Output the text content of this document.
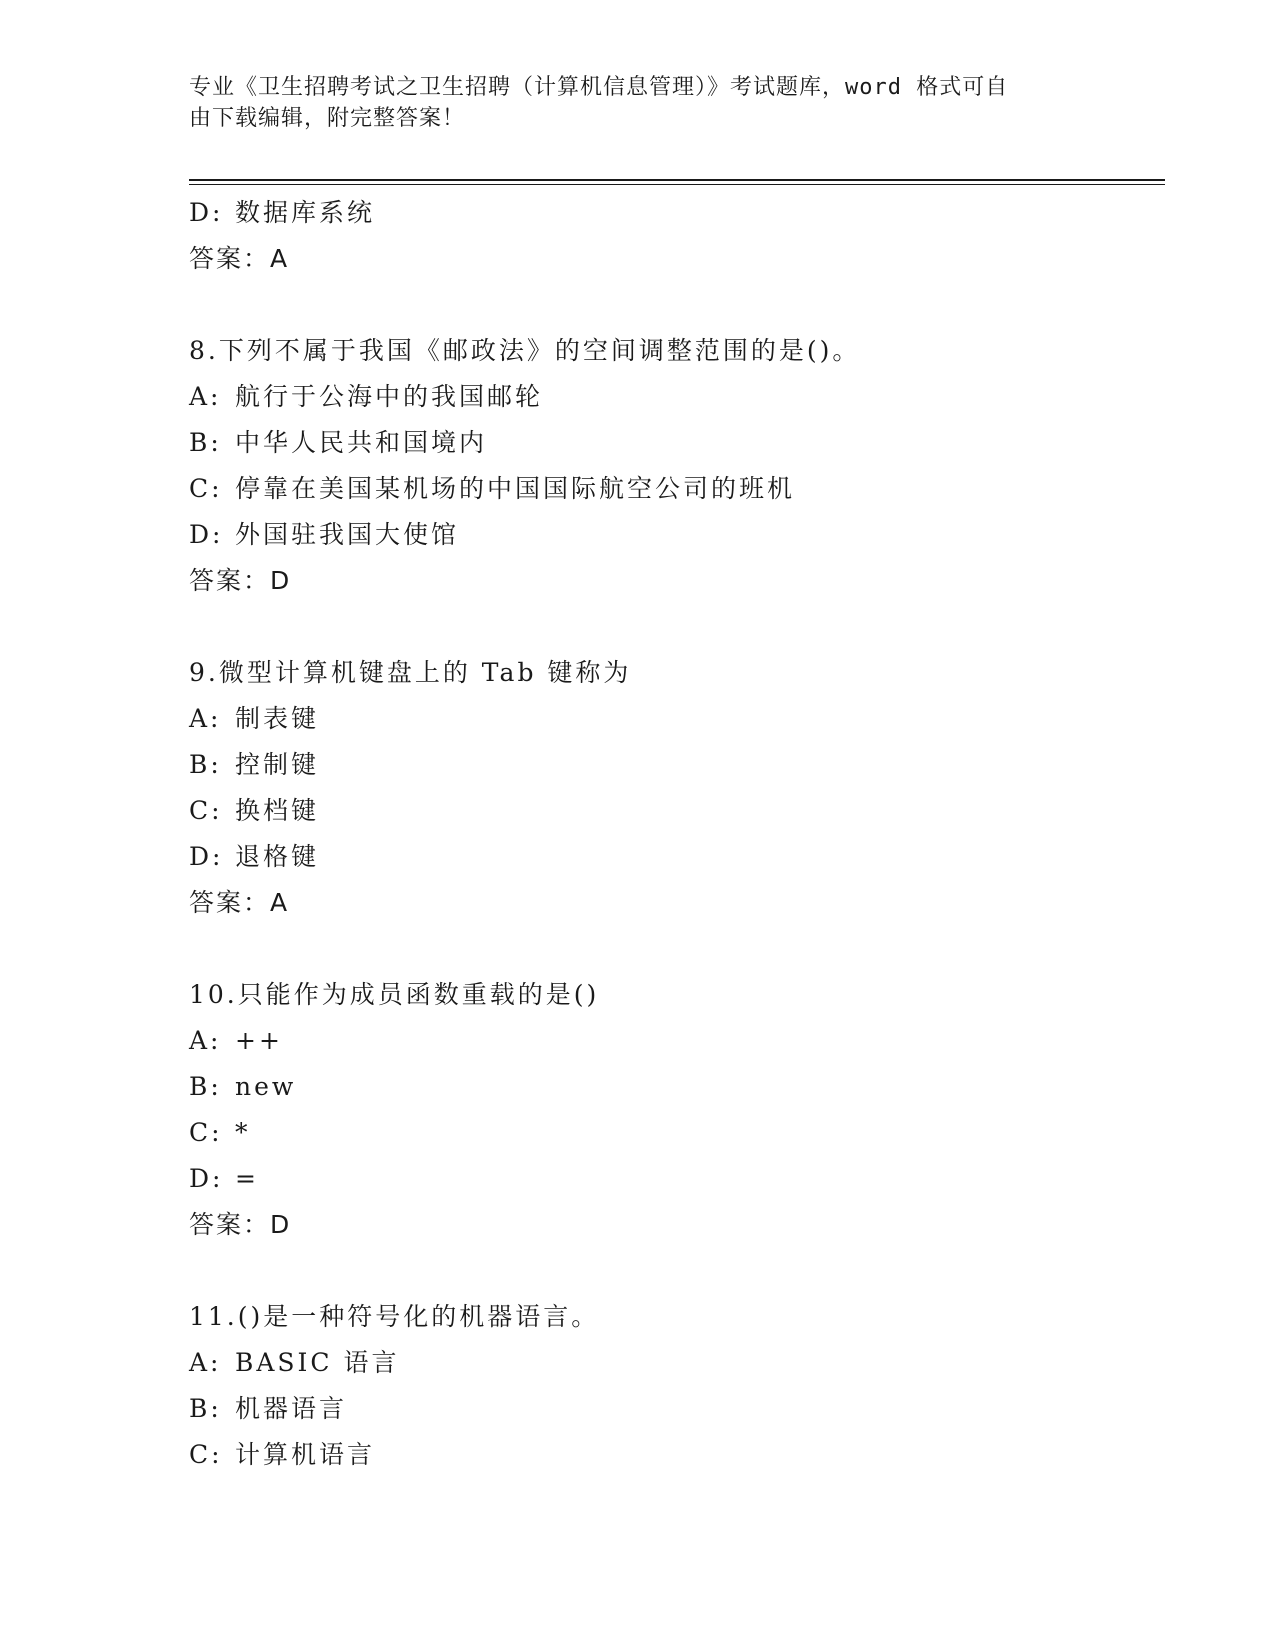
专业《卫生招聘考试之卫生招聘（计算机信息管理）》考试题库，word 格式可自
由下载编辑，附完整答案！
D: 数据库系统
答案：A
8.下列不属于我国《邮政法》的空间调整范围的是()。
A: 航行于公海中的我国邮轮
B: 中华人民共和国境内
C: 停靠在美国某机场的中国国际航空公司的班机
D: 外国驻我国大使馆
答案：D
9.微型计算机键盘上的 Tab 键称为
A: 制表键
B: 控制键
C: 换档键
D: 退格键
答案：A
10.只能作为成员函数重载的是()
A: ++
B: new
C: *
D: =
答案：D
11.()是一种符号化的机器语言。
A: BASIC 语言
B: 机器语言
C: 计算机语言
